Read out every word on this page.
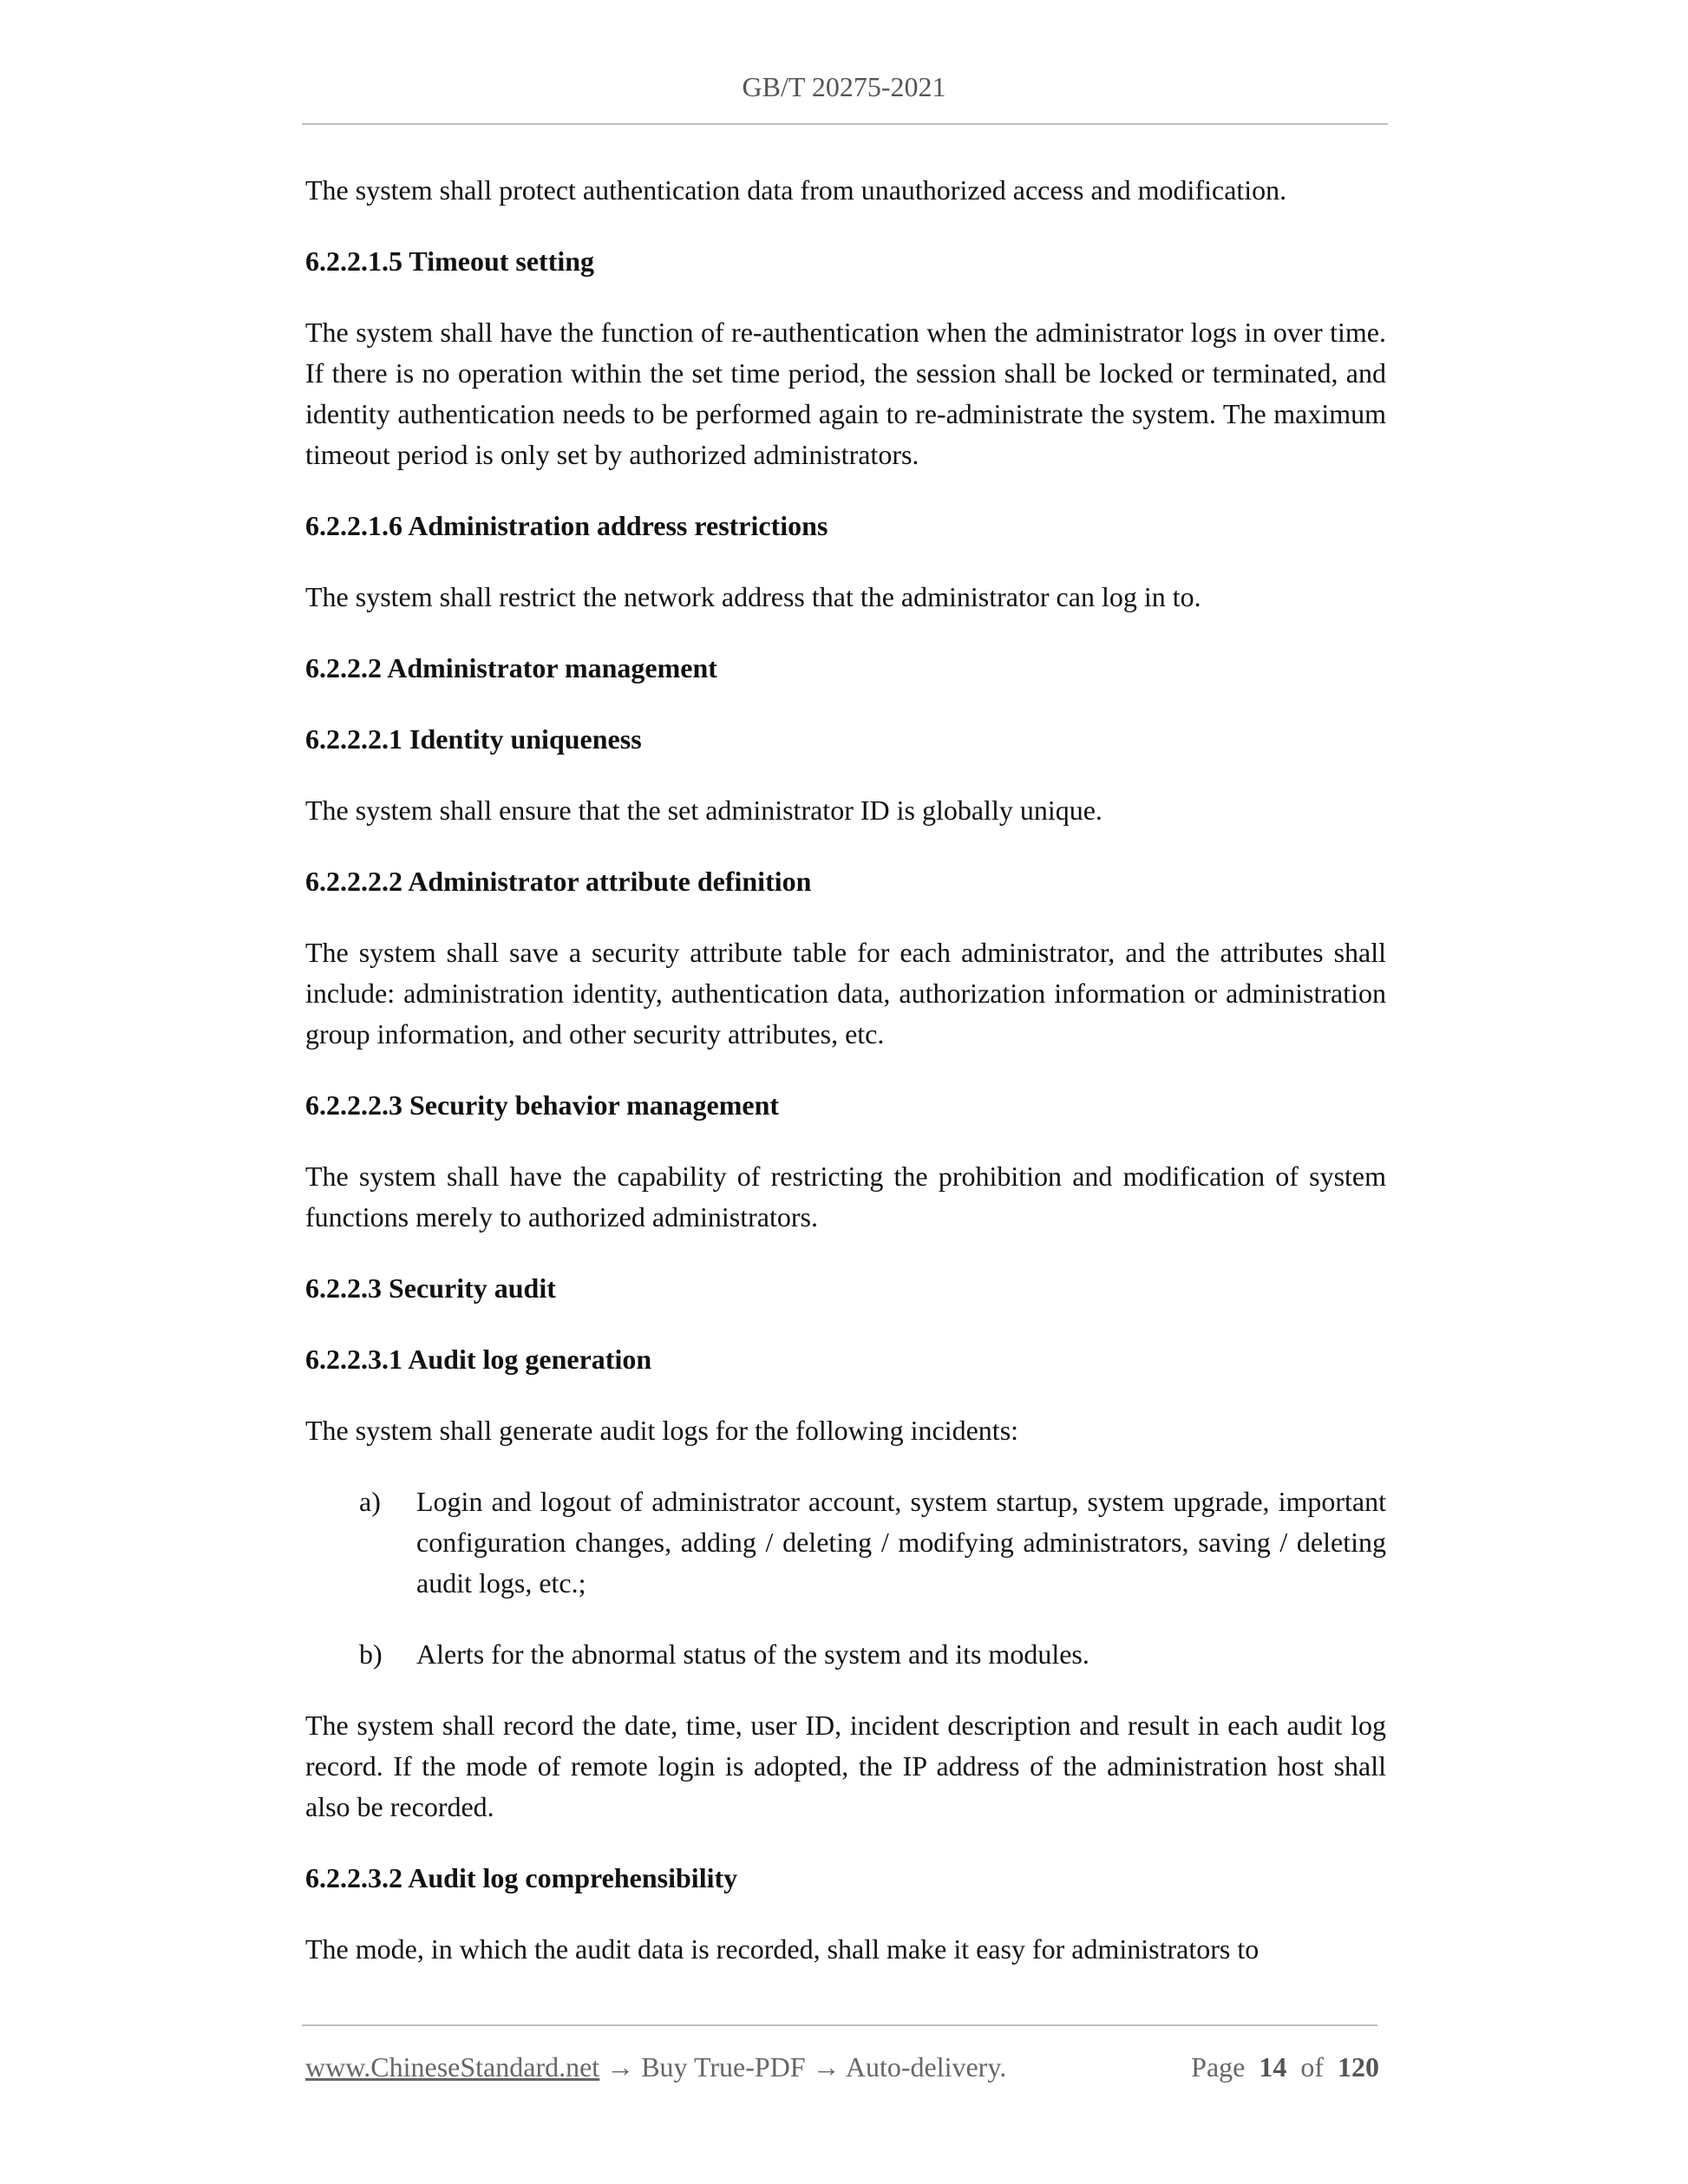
GB/T 20275-2021

The system shall protect authentication data from unauthorized access and modification.

6.2.2.1.5 Timeout setting

The system shall have the function of re-authentication when the administrator logs in over time. If there is no operation within the set time period, the session shall be locked or terminated, and identity authentication needs to be performed again to re-administrate the system. The maximum timeout period is only set by authorized administrators.

6.2.2.1.6 Administration address restrictions

The system shall restrict the network address that the administrator can log in to.

6.2.2.2 Administrator management

6.2.2.2.1 Identity uniqueness

The system shall ensure that the set administrator ID is globally unique.

6.2.2.2.2 Administrator attribute definition

The system shall save a security attribute table for each administrator, and the attributes shall include: administration identity, authentication data, authorization information or administration group information, and other security attributes, etc.

6.2.2.2.3 Security behavior management

The system shall have the capability of restricting the prohibition and modification of system functions merely to authorized administrators.

6.2.2.3 Security audit

6.2.2.3.1 Audit log generation

The system shall generate audit logs for the following incidents:

a) Login and logout of administrator account, system startup, system upgrade, important configuration changes, adding / deleting / modifying administrators, saving / deleting audit logs, etc.;
b) Alerts for the abnormal status of the system and its modules.

The system shall record the date, time, user ID, incident description and result in each audit log record. If the mode of remote login is adopted, the IP address of the administration host shall also be recorded.

6.2.2.3.2 Audit log comprehensibility

The mode, in which the audit data is recorded, shall make it easy for administrators to

www.ChineseStandard.net → Buy True-PDF → Auto-delivery.	Page 14 of 120
